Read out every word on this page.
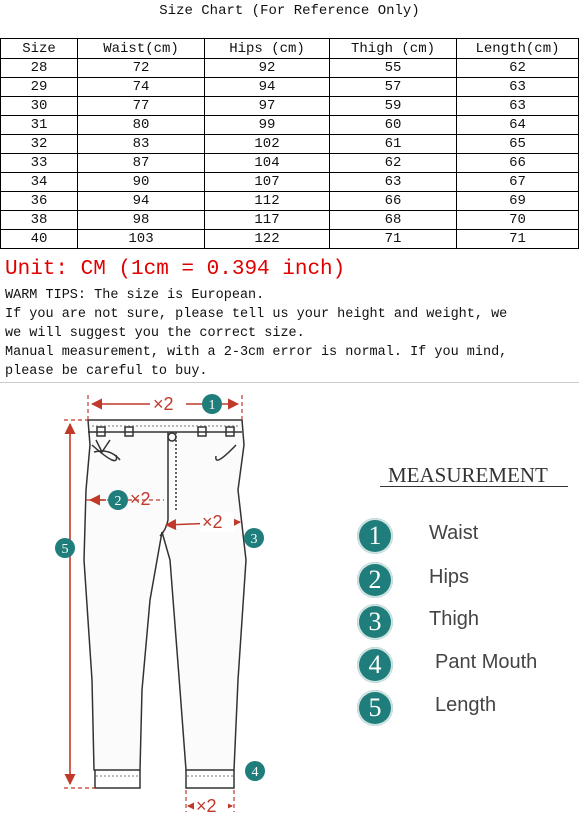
Size Chart (For Reference Only)
Size	Waist(cm)	Hips (cm)	Thigh (cm)	Length(cm)
28	72	92	55	62
29	74	94	57	63
30	77	97	59	63
31	80	99	60	64
32	83	102	61	65
33	87	104	62	66
34	90	107	63	67
36	94	112	66	69
38	98	117	68	70
40	103	122	71	71
Unit: CM (1cm = 0.394 inch)
WARM TIPS: The size is European.
If you are not sure, please tell us your height and weight, we
we will suggest you the correct size.
Manual measurement, with a 2-3cm error is normal. If you mind,
please be careful to buy.
×2
×2
×2
×2
1
2
3
4
5
MEASUREMENT
1	Waist
2	Hips
3	Thigh
4	Pant Mouth
5	Length
